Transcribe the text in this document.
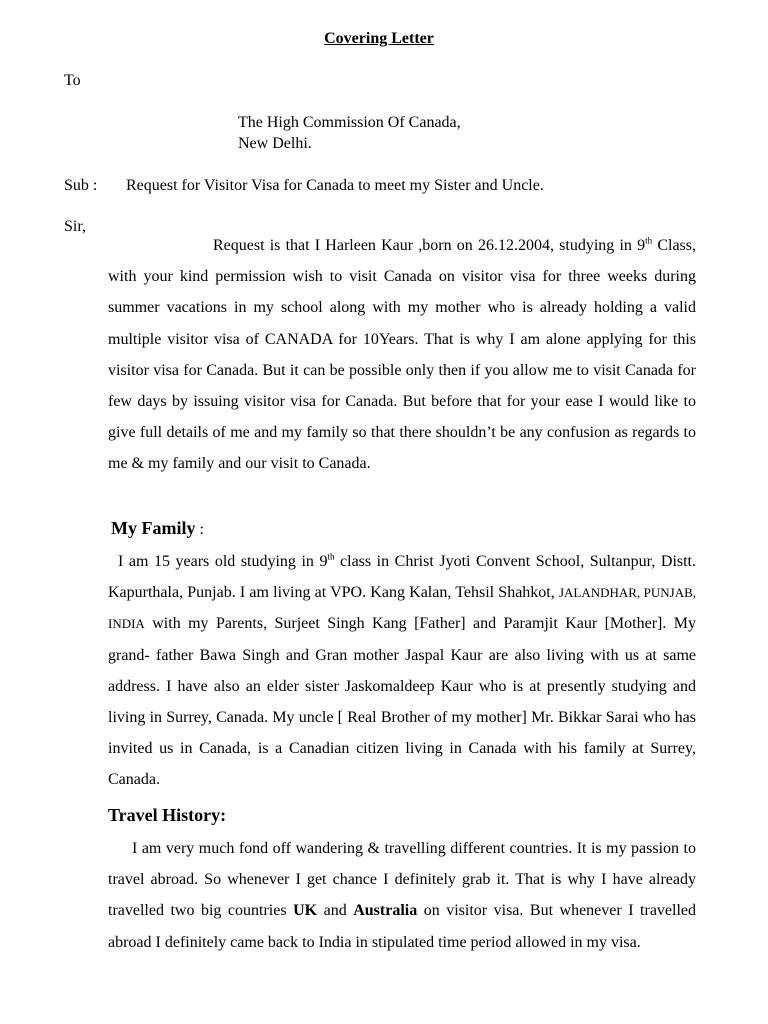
Covering Letter
To
The High Commission Of Canada,
New Delhi.
Sub : Request for Visitor Visa for Canada to meet my Sister and Uncle.
Sir,
Request is that I Harleen Kaur ,born on 26.12.2004, studying in 9th Class, with your kind permission wish to visit Canada on visitor visa for three weeks during summer vacations in my school along with my mother who is already holding a valid multiple visitor visa of CANADA for 10Years. That is why I am alone applying for this visitor visa for Canada. But it can be possible only then if you allow me to visit Canada for few days by issuing visitor visa for Canada. But before that for your ease I would like to give full details of me and my family so that there shouldn’t be any confusion as regards to me & my family and our visit to Canada.
My Family :
I am 15 years old studying in 9th class in Christ Jyoti Convent School, Sultanpur, Distt. Kapurthala, Punjab. I am living at VPO. Kang Kalan, Tehsil Shahkot, JALANDHAR, PUNJAB, INDIA with my Parents, Surjeet Singh Kang [Father] and Paramjit Kaur [Mother]. My grand- father Bawa Singh and Gran mother Jaspal Kaur are also living with us at same address. I have also an elder sister Jaskomaldeep Kaur who is at presently studying and living in Surrey, Canada. My uncle [ Real Brother of my mother] Mr. Bikkar Sarai who has invited us in Canada, is a Canadian citizen living in Canada with his family at Surrey, Canada.
Travel History:
I am very much fond off wandering & travelling different countries. It is my passion to travel abroad. So whenever I get chance I definitely grab it. That is why I have already travelled two big countries UK and Australia on visitor visa. But whenever I travelled abroad I definitely came back to India in stipulated time period allowed in my visa.
